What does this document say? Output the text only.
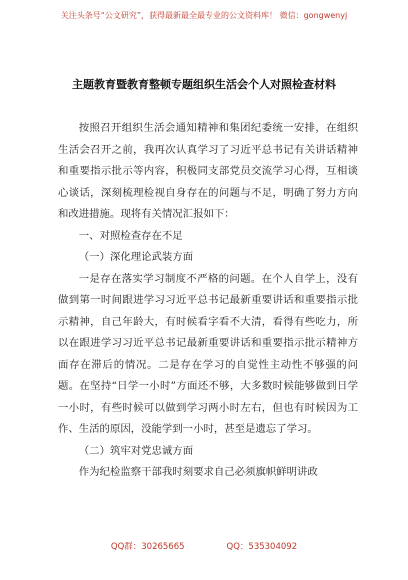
关注头条号“公文研究”，获得最新最全最专业的公文资料库！ 微信：gongwenyj
主题教育暨教育整顿专题组织生活会个人对照检查材料

按照召开组织生活会通知精神和集团纪委统一安排，在组织生活会召开之前，我再次认真学习了习近平总书记有关讲话精神和重要指示批示等内容，积极同支部党员交流学习心得，互相谈心谈话，深刻梳理检视自身存在的问题与不足，明确了努力方向和改进措施。现将有关情况汇报如下：

一、对照检查存在不足

（一）深化理论武装方面

一是存在落实学习制度不严格的问题。在个人自学上，没有做到第一时间跟进学习习近平总书记最新重要讲话和重要指示批示精神，自己年龄大，有时候看字看不大清，看得有些吃力，所以在跟进学习习近平总书记最新重要讲话和重要指示批示精神方面存在滞后的情况。二是存在学习的自觉性主动性不够强的问题。在坚持“日学一小时”方面还不够，大多数时候能够做到日学一小时，有些时候可以做到学习两小时左右，但也有时候因为工作、生活的原因，没能学到一小时，甚至是遗忘了学习。

（二）筑牢对党忠诚方面

作为纪检监察干部我时刻要求自己必须旗帜鲜明讲政

QQ群：30265665	QQ：535304092
